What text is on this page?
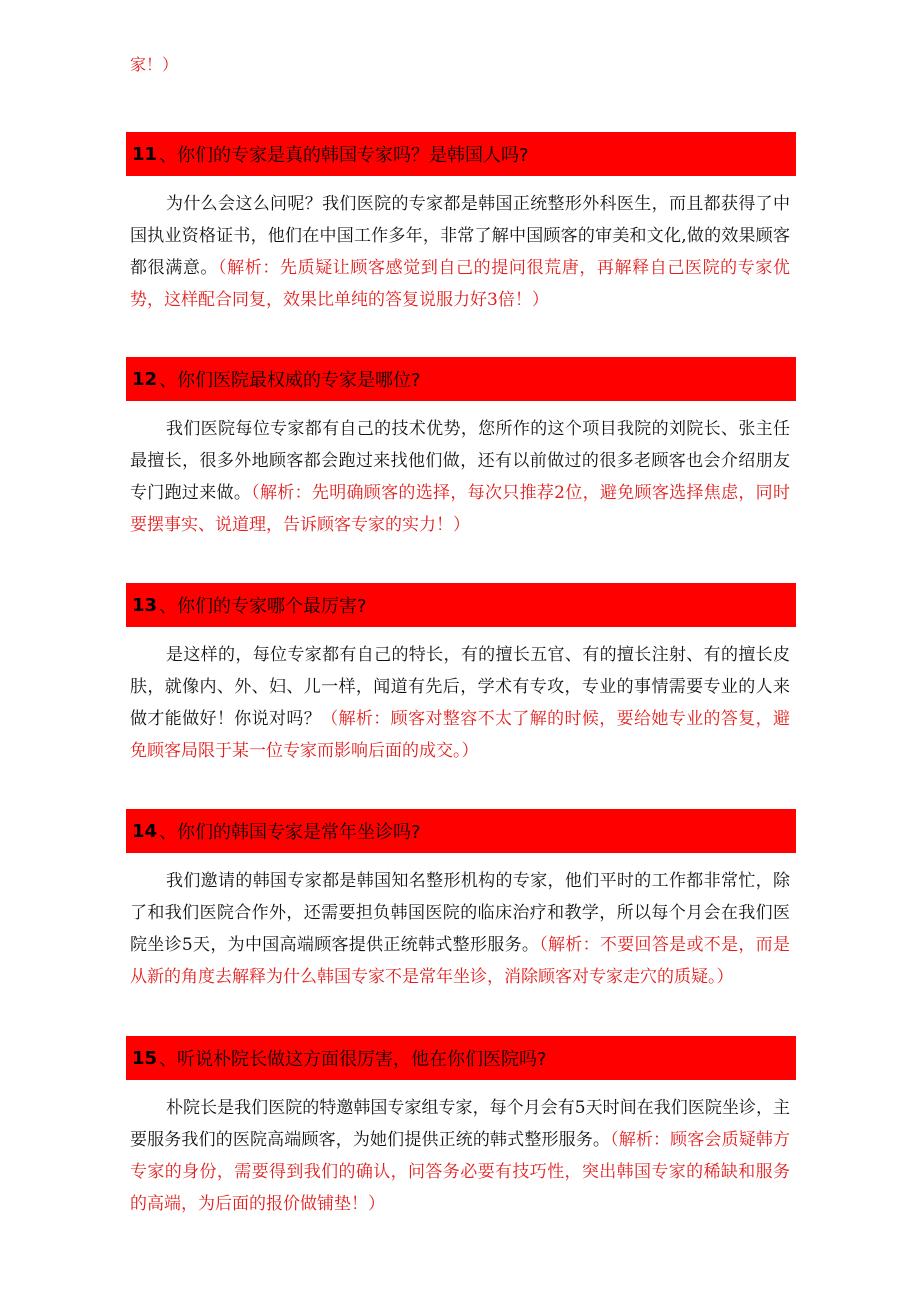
家！）
11 、你们的专家是真的韩国专家吗？是韩国人吗?
为什么会这么问呢？我们医院的专家都是韩国正统整形外科医生，而且都获得了中国执业资格证书，他们在中国工作多年，非常了解中国顾客的审美和文化,做的效果顾客都很满意。（解析：先质疑让顾客感觉到自己的提问很荒唐，再解释自己医院的专家优势，这样配合同复，效果比单纯的答复说服力好3倍！）
12 、你们医院最权威的专家是哪位?
我们医院每位专家都有自己的技术优势，您所作的这个项目我院的刘院长、张主任最擅长，很多外地顾客都会跑过来找他们做，还有以前做过的很多老顾客也会介绍朋友专门跑过来做。（解析：先明确顾客的选择，每次只推荐2位，避免顾客选择焦虑，同时要摆事实、说道理，告诉顾客专家的实力！）
13 、你们的专家哪个最厉害?
是这样的，每位专家都有自己的特长，有的擅长五官、有的擅长注射、有的擅长皮肤，就像内、外、妇、儿一样，闻道有先后，学术有专攻，专业的事情需要专业的人来做才能做好！你说对吗？（解析：顾客对整容不太了解的时候，要给她专业的答复，避免顾客局限于某一位专家而影响后面的成交。）
14 、你们的韩国专家是常年坐诊吗?
我们邀请的韩国专家都是韩国知名整形机构的专家，他们平时的工作都非常忙，除了和我们医院合作外，还需要担负韩国医院的临床治疗和教学，所以每个月会在我们医院坐诊5天，为中国高端顾客提供正统韩式整形服务。（解析：不要回答是或不是，而是从新的角度去解释为什么韩国专家不是常年坐诊，消除顾客对专家走穴的质疑。）
15 、听说朴院长做这方面很厉害，他在你们医院吗?
朴院长是我们医院的特邀韩国专家组专家，每个月会有5天时间在我们医院坐诊，主要服务我们的医院高端顾客，为她们提供正统的韩式整形服务。（解析：顾客会质疑韩方专家的身份，需要得到我们的确认，问答务必要有技巧性，突出韩国专家的稀缺和服务的高端，为后面的报价做铺垫！）
